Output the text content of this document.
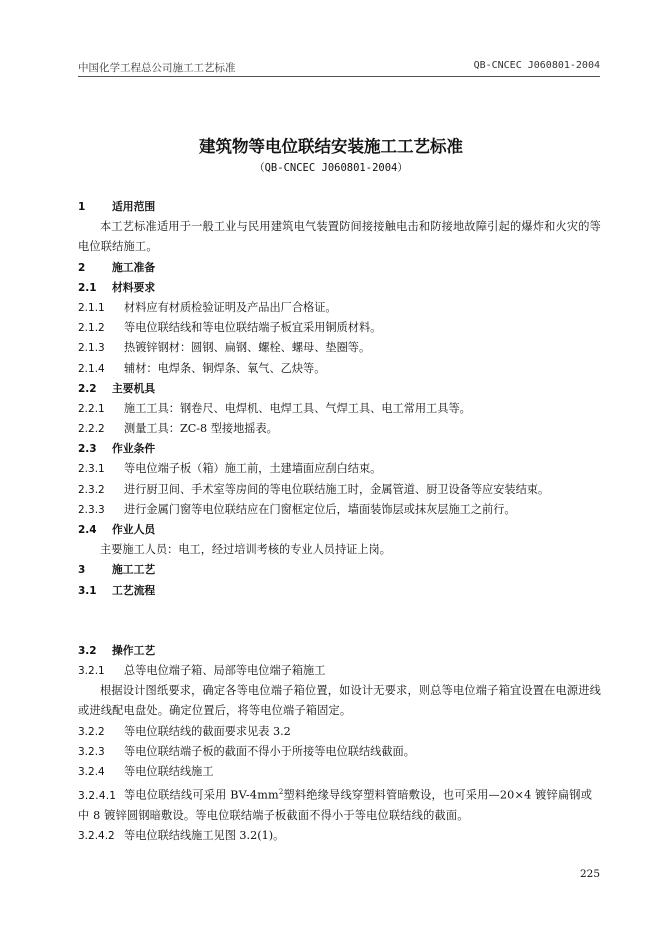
中国化学工程总公司施工工艺标准	QB-CNCEC J060801-2004
建筑物等电位联结安装施工工艺标准
（QB-CNCEC J060801-2004）
1 适用范围
本工艺标准适用于一般工业与民用建筑电气装置防间接接触电击和防接地故障引起的爆炸和火灾的等电位联结施工。
2 施工准备
2.1 材料要求
2.1.1 材料应有材质检验证明及产品出厂合格证。
2.1.2 等电位联结线和等电位联结端子板宜采用铜质材料。
2.1.3 热镀锌钢材：圆钢、扁钢、螺栓、螺母、垫圈等。
2.1.4 辅材：电焊条、铜焊条、氧气、乙炔等。
2.2 主要机具
2.2.1 施工工具：钢卷尺、电焊机、电焊工具、气焊工具、电工常用工具等。
2.2.2 测量工具：ZC-8 型接地摇表。
2.3 作业条件
2.3.1 等电位端子板（箱）施工前，土建墙面应刮白结束。
2.3.2 进行厨卫间、手术室等房间的等电位联结施工时，金属管道、厨卫设备等应安装结束。
2.3.3 进行金属门窗等电位联结应在门窗框定位后，墙面装饰层或抹灰层施工之前行。
2.4 作业人员
主要施工人员：电工，经过培训考核的专业人员持证上岗。
3 施工工艺
3.1 工艺流程
3.2 操作工艺
3.2.1 总等电位端子箱、局部等电位端子箱施工
根据设计图纸要求，确定各等电位端子箱位置，如设计无要求，则总等电位端子箱宜设置在电源进线或进线配电盘处。确定位置后，将等电位端子箱固定。
3.2.2 等电位联结线的截面要求见表 3.2
3.2.3 等电位联结端子板的截面不得小于所接等电位联结线截面。
3.2.4 等电位联结线施工
3.2.4.1 等电位联结线可采用 $BV-4mm^2$塑料绝缘导线穿塑料管暗敷设，也可采用—20×4 镀锌扁钢或中 8 镀锌圆钢暗敷设。等电位联结端子板截面不得小于等电位联结线的截面。
3.2.4.2 等电位联结线施工见图 3.2(1)。
225
